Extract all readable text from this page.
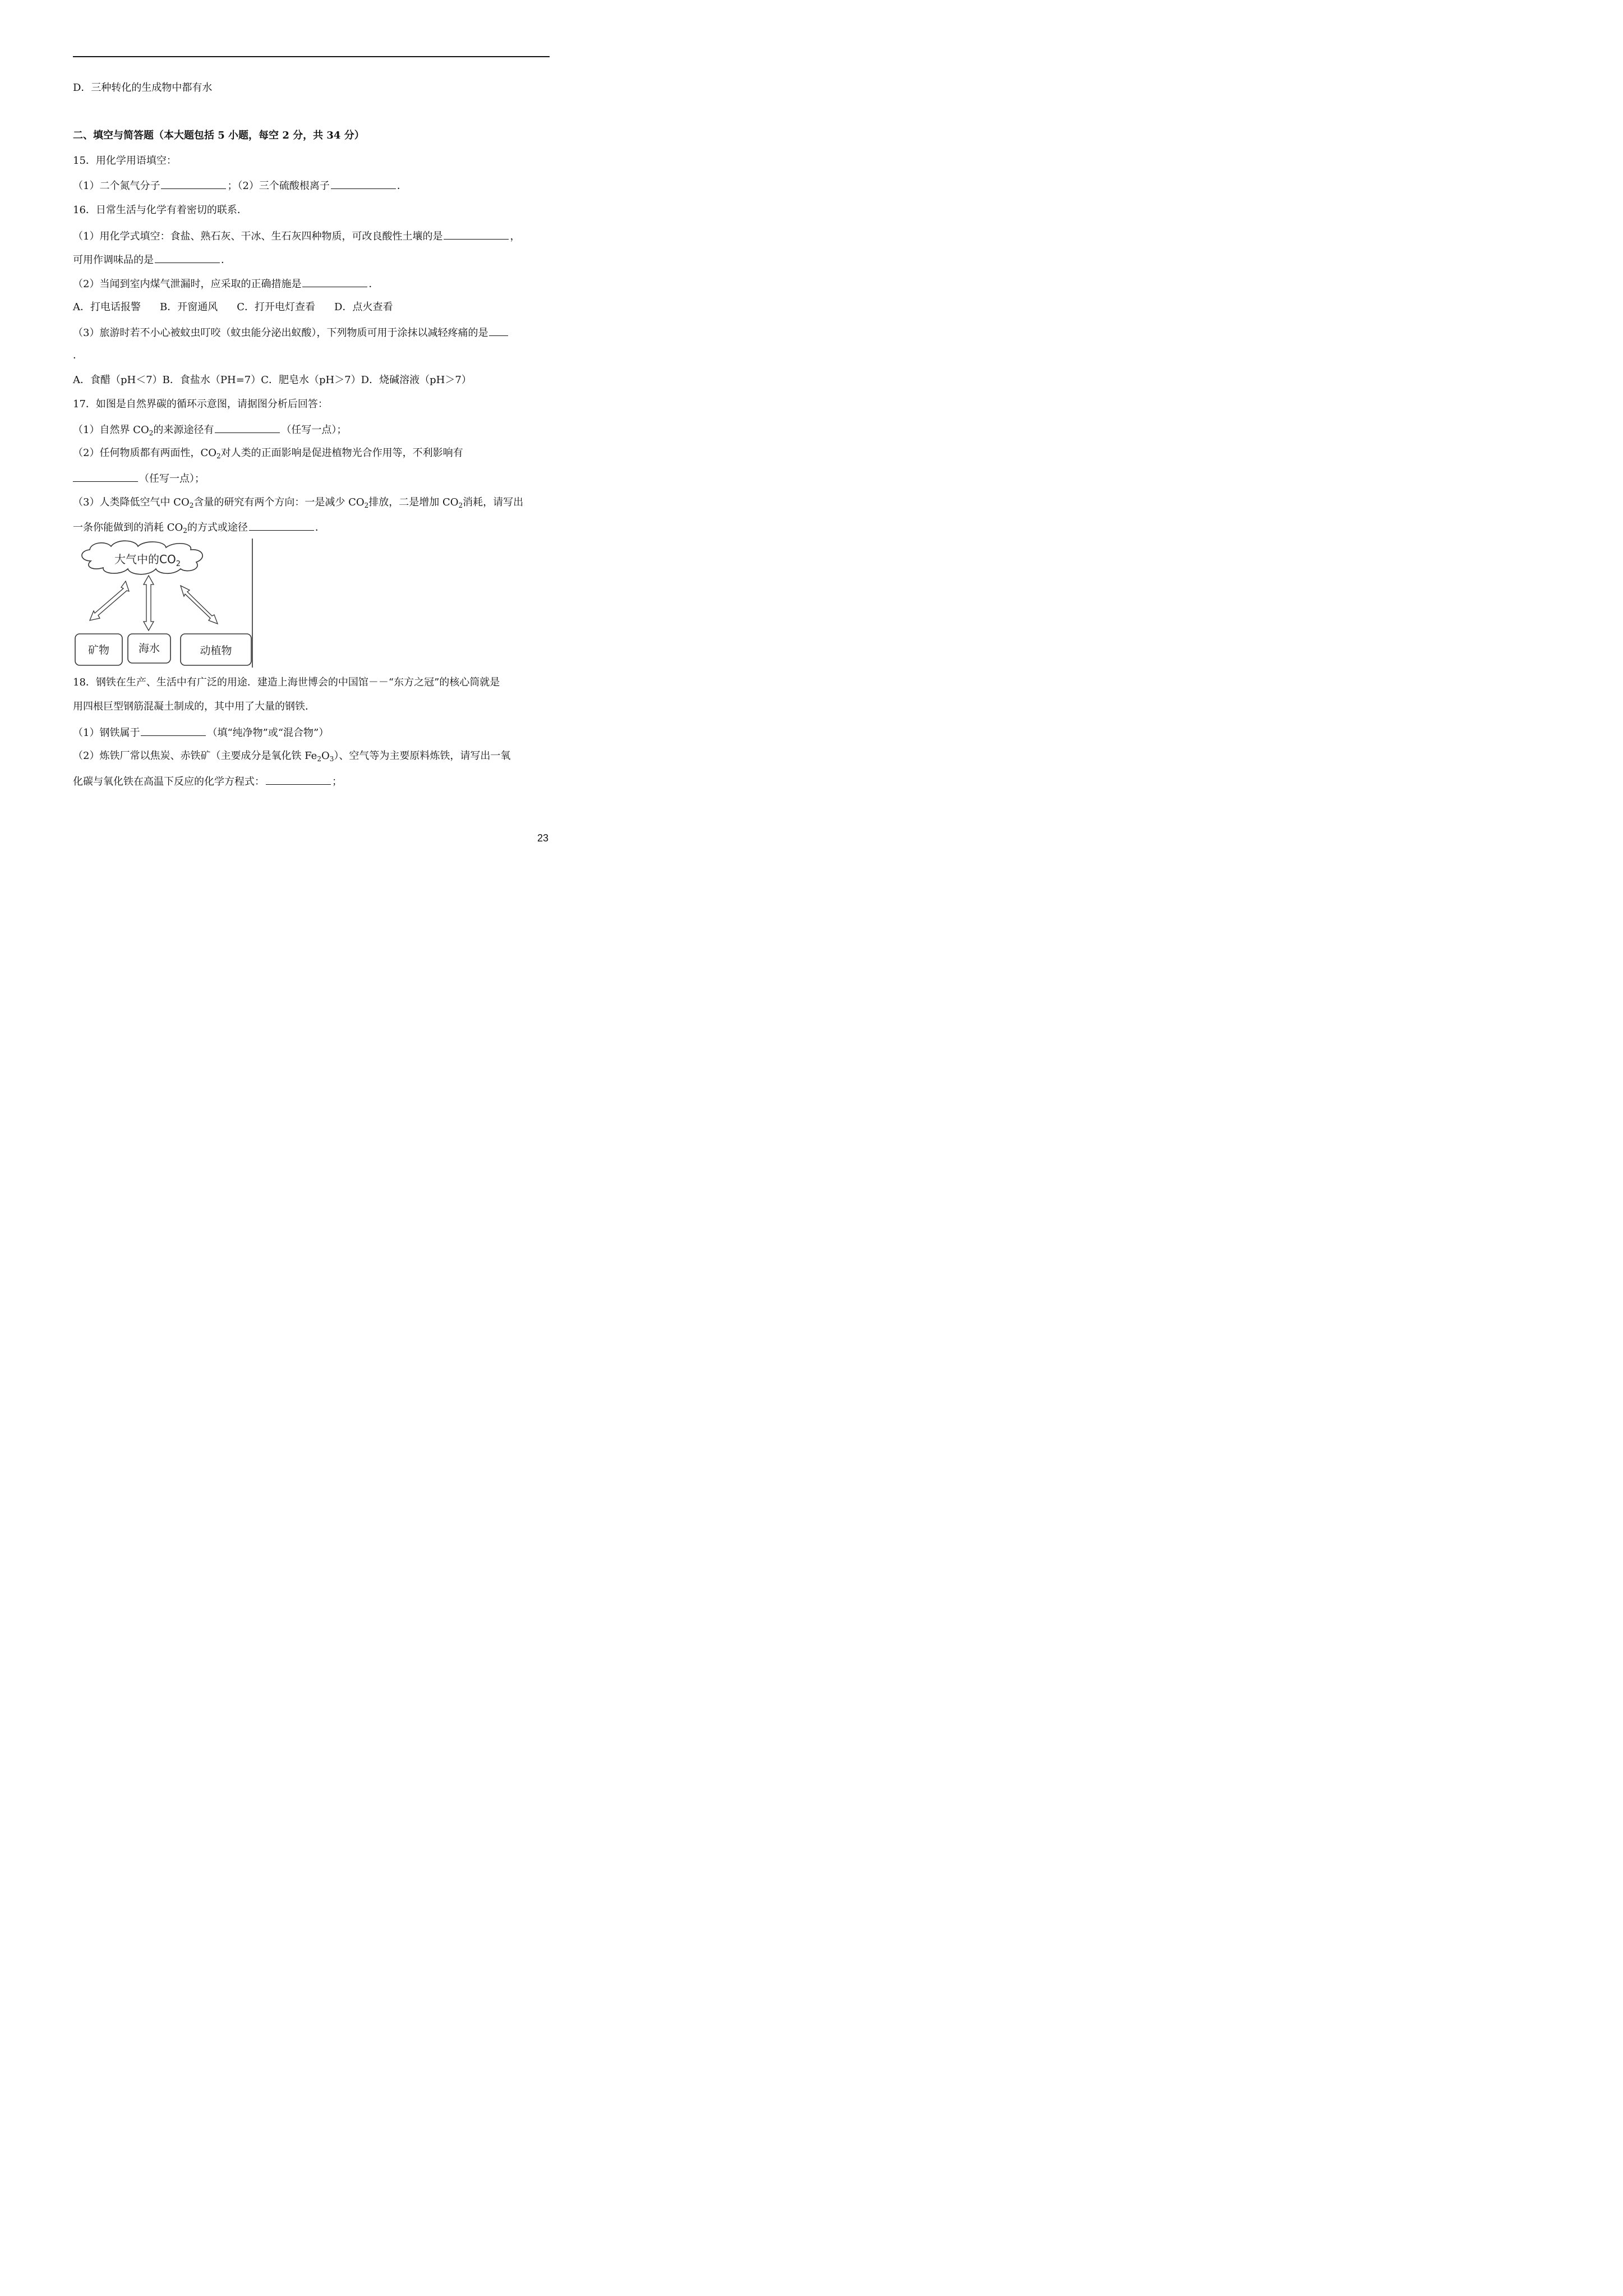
D．三种转化的生成物中都有水
二、填空与简答题（本大题包括 5 小题，每空 2 分，共 34 分）
15．用化学用语填空：
（1）二个氮气分子	；（2）三个硫酸根离子	．
16．日常生活与化学有着密切的联系．
（1）用化学式填空：食盐、熟石灰、干冰、生石灰四种物质，可改良酸性土壤的是	，
可用作调味品的是	．
（2）当闻到室内煤气泄漏时，应采取的正确措施是	．
A．打电话报警 B．开窗通风 C．打开电灯查看 D．点火查看
（3）旅游时若不小心被蚊虫叮咬（蚊虫能分泌出蚁酸），下列物质可用于涂抹以减轻疼痛的是
．
A．食醋（pH＜7）B．食盐水（PH=7）C．肥皂水（pH＞7）D．烧碱溶液（pH＞7）
17．如图是自然界碳的循环示意图，请据图分析后回答：
（1）自然界 $CO_2$的来源途径有	（任写一点）；
（2）任何物质都有两面性，$CO_2$对人类的正面影响是促进植物光合作用等，不利影响有
（任写一点）；
（3）人类降低空气中 $CO_2$含量的研究有两个方向：一是减少 $CO_2$排放，二是增加 $CO_2$消耗，请写出
一条你能做到的消耗 $CO_2$的方式或途径	．
大气中的$CO_2$
矿物	海水	动植物
18．钢铁在生产、生活中有广泛的用途．建造上海世博会的中国馆－－“东方之冠”的核心筒就是
用四根巨型钢筋混凝土制成的，其中用了大量的钢铁．
（1）钢铁属于	（填“纯净物”或“混合物”）
（2）炼铁厂常以焦炭、赤铁矿（主要成分是氧化铁 $Fe_2O_3$）、空气等为主要原料炼铁，请写出一氧
化碳与氧化铁在高温下反应的化学方程式：	；
23
